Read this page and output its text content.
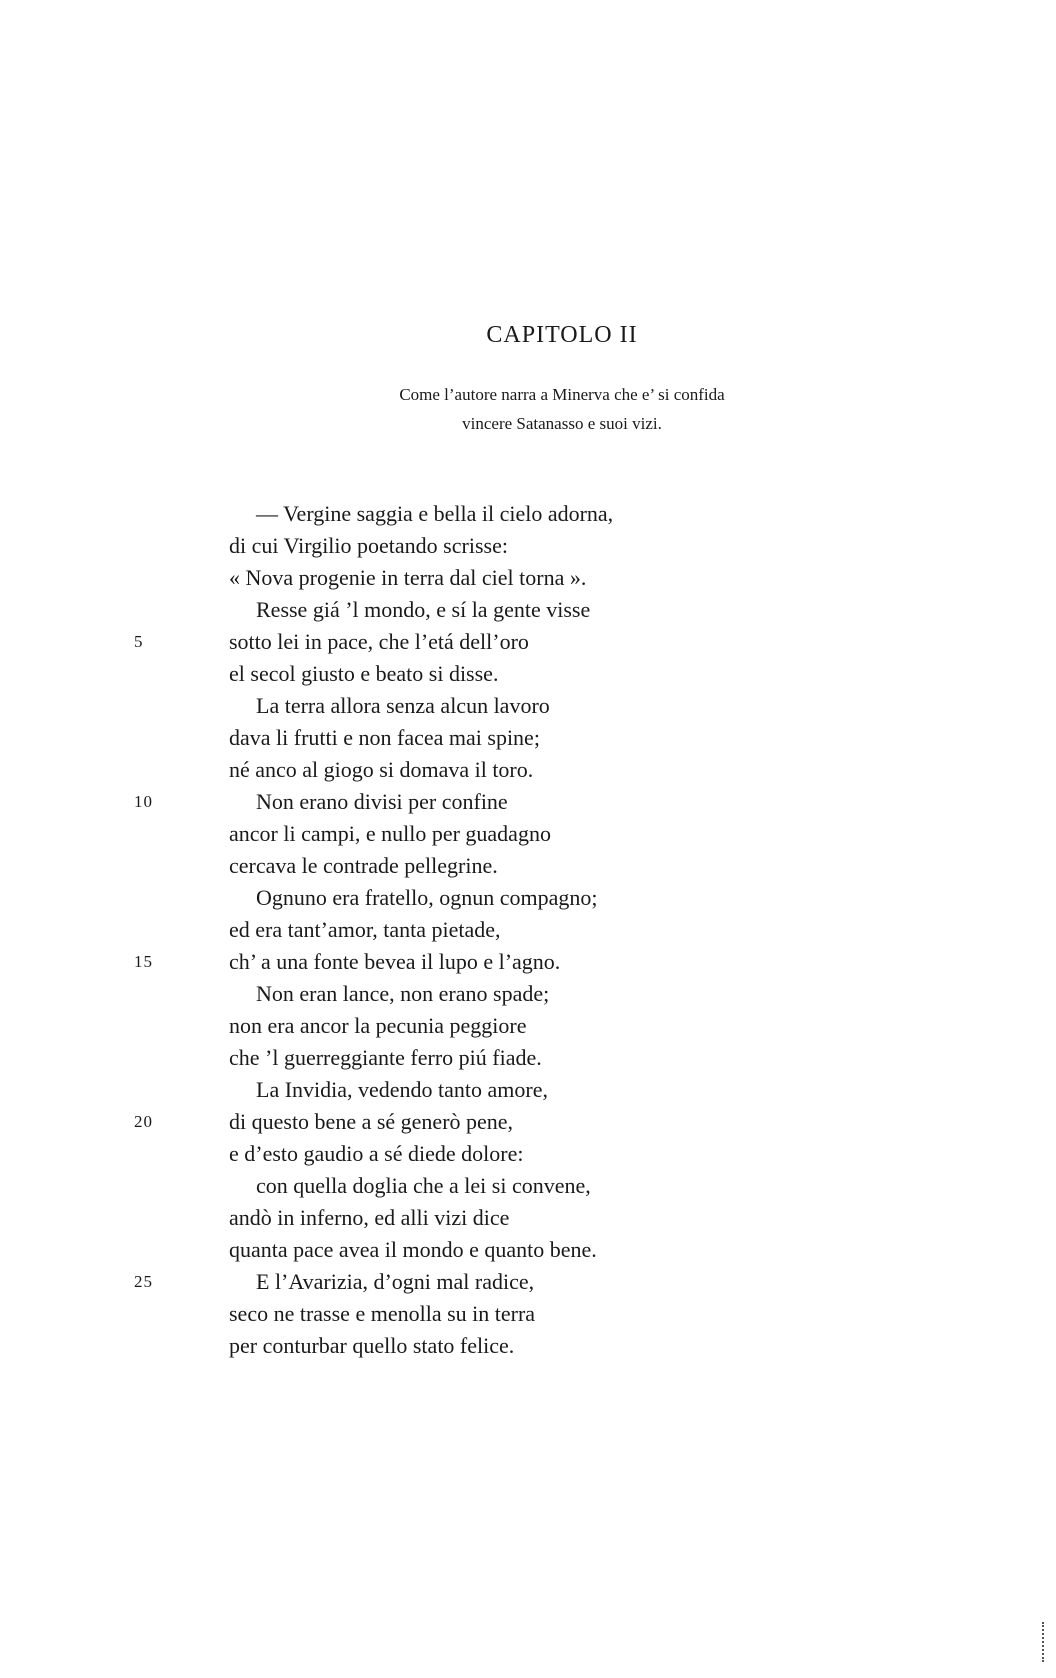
CAPITOLO II
Come l’autore narra a Minerva che e’ si confida
vincere Satanasso e suoi vizi.
— Vergine saggia e bella il cielo adorna,
di cui Virgilio poetando scrisse:
« Nova progenie in terra dal ciel torna ».
Resse giá ’l mondo, e sí la gente visse
5	sotto lei in pace, che l’etá dell’oro
el secol giusto e beato si disse.
La terra allora senza alcun lavoro
dava li frutti e non facea mai spine;
né anco al giogo si domava il toro.
10	Non erano divisi per confine
ancor li campi, e nullo per guadagno
cercava le contrade pellegrine.
Ognuno era fratello, ognun compagno;
ed era tant’amor, tanta pietade,
15	ch’ a una fonte bevea il lupo e l’agno.
Non eran lance, non erano spade;
non era ancor la pecunia peggiore
che ’l guerreggiante ferro piú fiade.
La Invidia, vedendo tanto amore,
20	di questo bene a sé generò pene,
e d’esto gaudio a sé diede dolore:
con quella doglia che a lei si convene,
andò in inferno, ed alli vizi dice
quanta pace avea il mondo e quanto bene.
25	E l’Avarizia, d’ogni mal radice,
seco ne trasse e menolla su in terra
per conturbar quello stato felice.
